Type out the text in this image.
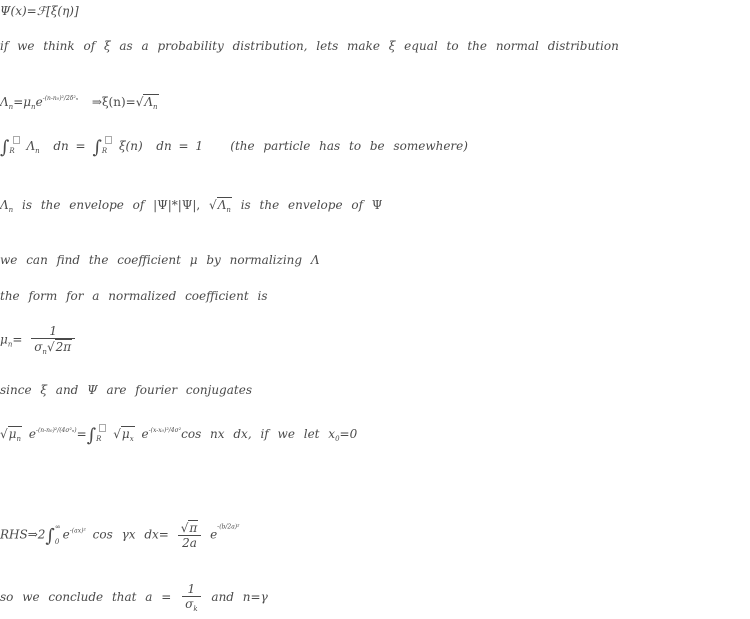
Ψ(x)=ℱ[ξ(η)]
if we think of ξ as a probability distribution, lets make ξ equal to the normal distribution
$\Lambda_n=\mu_ne^{-(n-n_0)^2/2\delta^2_n}$ $\Rightarrow\xi(n)=√\Lambda_n$
$\int_R$ $\Lambda_n$ dn = $\int_R$ ξ(n) dn = 1 (the particle has to be somewhere)
$\Lambda_n$ is the envelope of |Ψ|*|Ψ|, $√\Lambda_n$ is the envelope of Ψ
we can find the coefficient μ by normalizing Λ
the form for a normalized coefficient is
$\mu_n= \frac{1}{\sigma_n√2\pi}$
since ξ and Ψ are fourier conjugates
$√\mu_n$ $e^{-(n-n_0)^2/(4\sigma^2_n)}=\int_R$ $√\mu_x$ $e^{-(x-x_0)^2/4\sigma^2}\cos$ nx dx, if we let $x_0=0$
RHS⇒2∫ ∞
0
$e^{-(ax)^2}$ cos γx $dx= \frac{√\pi}{2a} e^{-(b/2a)^2}$
so we conclude that $a = \frac{1}{\sigma_k}$ and n=γ
